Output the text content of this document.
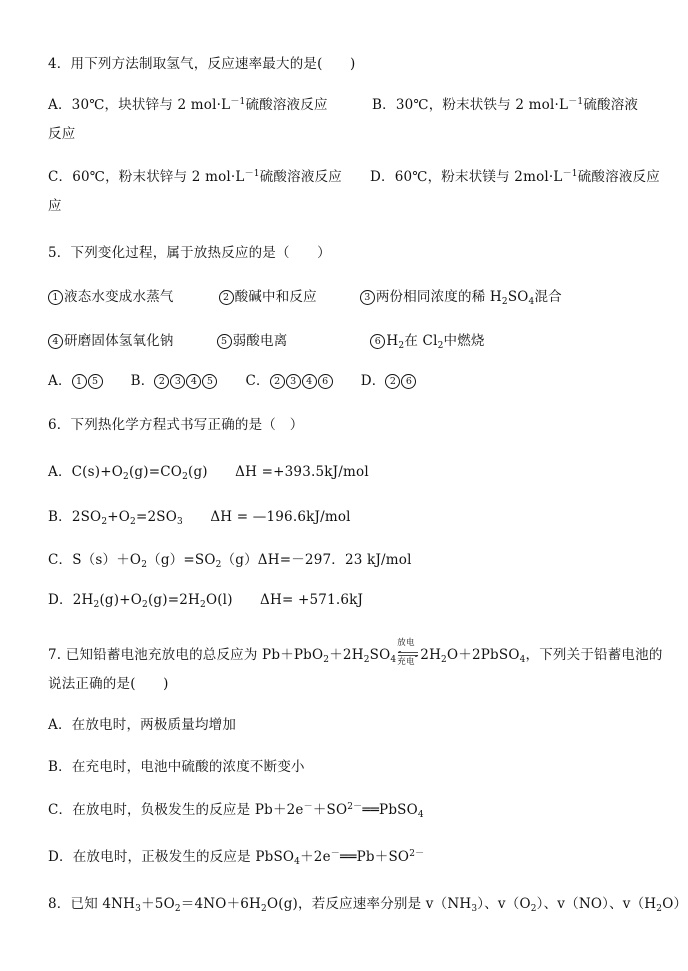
4．用下列方法制取氢气，反应速率最大的是(　　)
A．30℃，块状锌与 2 $mol\cdot L^{-1}$硫酸溶液反应	B．30℃，粉末状铁与 2 $mol\cdot L^{-1}$硫酸溶液
反应
C．60℃，粉末状锌与 2 $mol\cdot L^{-1}$硫酸溶液反应 D．60℃，粉末状镁与 $2mol\cdot L^{-1}$硫酸溶液反应
应
5．下列变化过程，属于放热反应的是（　　）
1 液态水变成水蒸气	2 酸碱中和反应	3 两份相同浓度的稀 $H_2SO_4$混合
4 研磨固体氢氧化钠	5 弱酸电离	6 $H_2$在 $Cl_2$中燃烧
A． 1 5 B． 2 3 4 5 C． 2 3 4 6 D． 2 6
6．下列热化学方程式书写正确的是（　）
A．$C(s)+O_2(g)=CO_2(g)$　　ΔH =+393.5kJ/mol
B．$2SO_2+O_2=2SO_3$　　ΔH = —196.6kJ/mol
C．$S(s)+O_2(g)=SO_2(g)\Delta H=-297$．23 kJ/mol
D．$2H_2(g)+O_2(g)=2H_2O(l)$　　ΔH= +571.6kJ
7. 已知铅蓄电池充放电的总反应为 $Pb+PbO_2+2H_2SO_4$
放电
充电 $2H_2O+2PbSO_4$，下列关于铅蓄电池的
说法正确的是(　　)
A．在放电时，两极质量均增加
B．在充电时，电池中硫酸的浓度不断变小
C．在放电时，负极发生的反应是 $Pb+2e^-+SO^{2-}══PbSO_4$
D．在放电时，正极发生的反应是 $PbSO_4+2e^-══Pb+SO^{2-}$
8．已知 $4NH_3+5O_2=4NO+6H_2O(g)$，若反应速率分别是 $v(NH_3)$、$v(O_2)$、v（NO）、$v(H_2O)$
